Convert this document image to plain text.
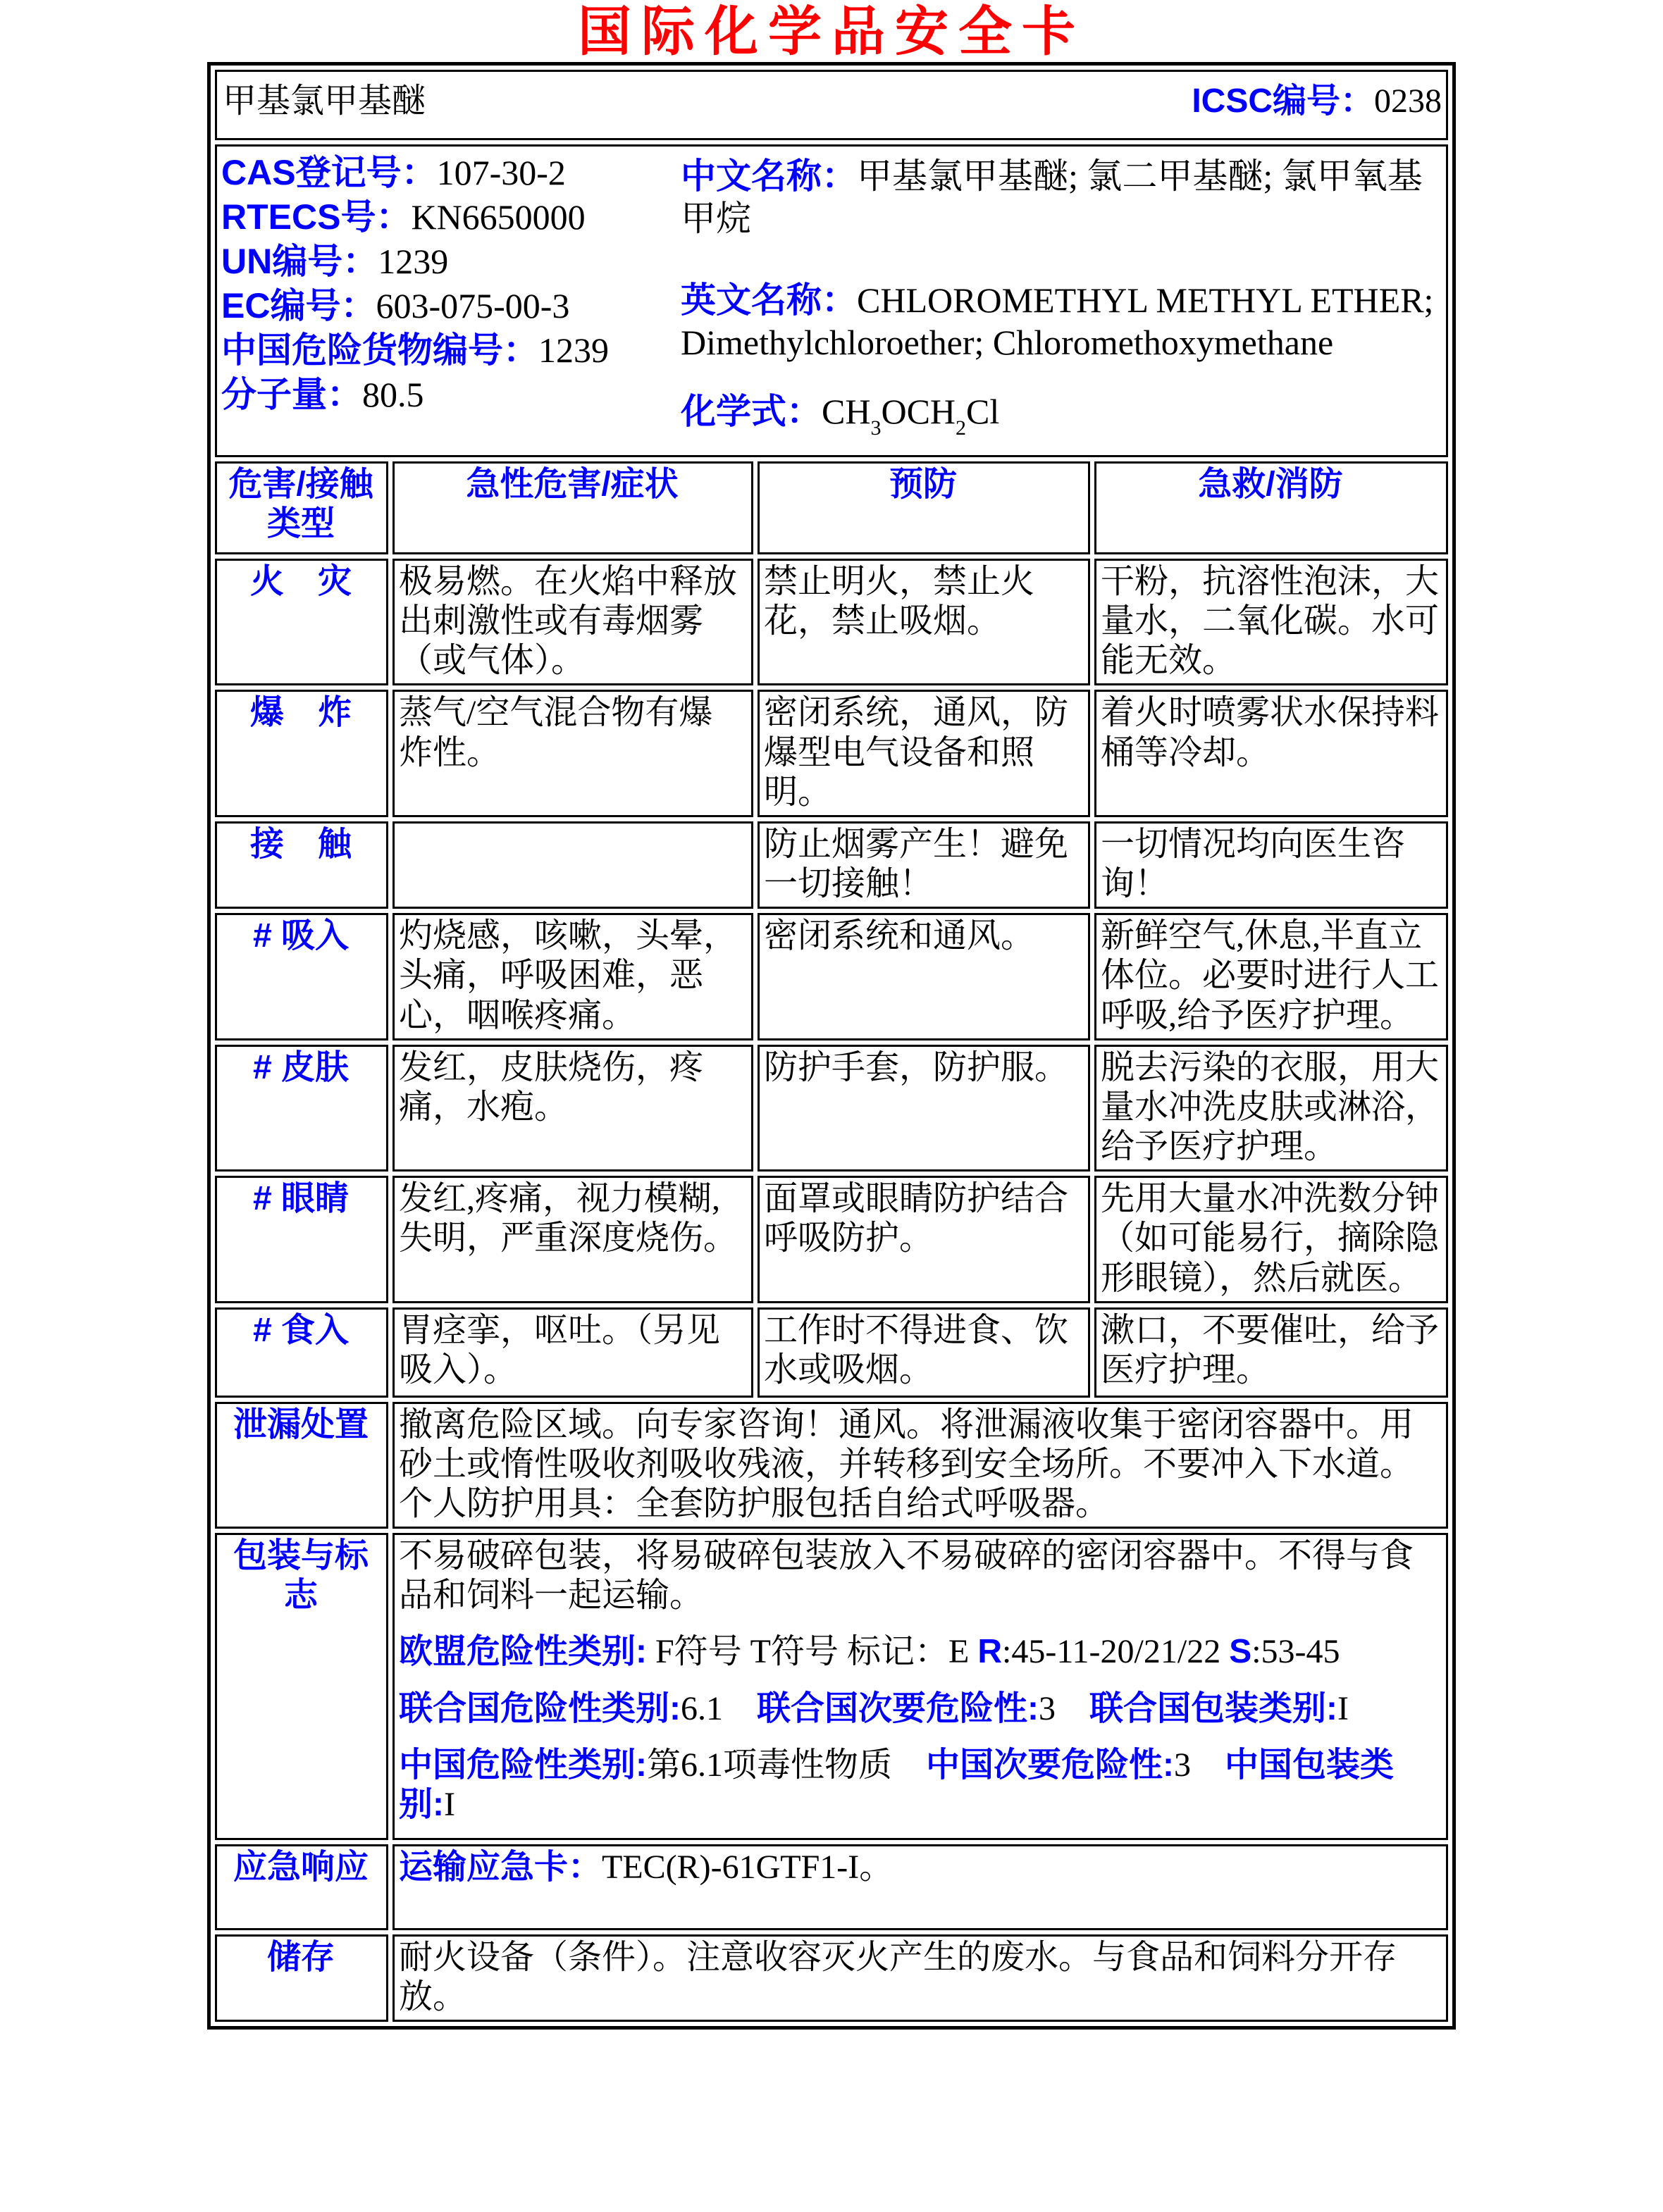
国际化学品安全卡
甲基氯甲基醚 ICSC编号：0238			

CAS登记号：107-30-2
RTECS号：KN6650000
UN编号：1239
EC编号：603-075-00-3
中国危险货物编号：1239
分子量：80.5
中文名称：甲基氯甲基醚; 氯二甲基醚; 氯甲氧基甲烷
英文名称：CHLOROMETHYL METHYL ETHER; Dimethylchloroether; Chloromethoxymethane
化学式：$CH_3OCH_2Cl$

危害/接触类型	急性危害/症状	预防	急救/消防
火　灾	极易燃。在火焰中释放出刺激性或有毒烟雾（或气体）。	禁止明火，禁止火花，禁止吸烟。	干粉，抗溶性泡沫，大量水，二氧化碳。水可能无效。
爆　炸	蒸气/空气混合物有爆炸性。	密闭系统，通风，防爆型电气设备和照明。	着火时喷雾状水保持料桶等冷却。
接　触		防止烟雾产生！避免一切接触！	一切情况均向医生咨询！
# 吸入	灼烧感，咳嗽，头晕，头痛，呼吸困难，恶心，咽喉疼痛。	密闭系统和通风。	新鲜空气,休息,半直立体位。必要时进行人工呼吸,给予医疗护理。
# 皮肤	发红，皮肤烧伤，疼痛，水疱。	防护手套，防护服。	脱去污染的衣服，用大量水冲洗皮肤或淋浴，给予医疗护理。
# 眼睛	发红,疼痛，视力模糊,失明，严重深度烧伤。	面罩或眼睛防护结合呼吸防护。	先用大量水冲洗数分钟（如可能易行，摘除隐形眼镜），然后就医。
# 食入	胃痉挛，呕吐。（另见吸入）。	工作时不得进食、饮水或吸烟。	漱口，不要催吐，给予医疗护理。
泄漏处置	撤离危险区域。向专家咨询！通风。将泄漏液收集于密闭容器中。用砂土或惰性吸收剂吸收残液，并转移到安全场所。不要冲入下水道。个人防护用具：全套防护服包括自给式呼吸器。		
包装与标志	不易破碎包装，将易破碎包装放入不易破碎的密闭容器中。不得与食品和饲料一起运输。

欧盟危险性类别: F符号 T符号 标记：E R:45-11-20/21/22 S:53-45

联合国危险性类别:6.1　联合国次要危险性:3　联合国包装类别:I

中国危险性类别:第6.1项毒性物质　中国次要危险性:3　中国包装类别:I		

应急响应	运输应急卡：TEC(R)-61GTF1-I。		
储存	耐火设备（条件）。注意收容灭火产生的废水。与食品和饲料分开存放。		
